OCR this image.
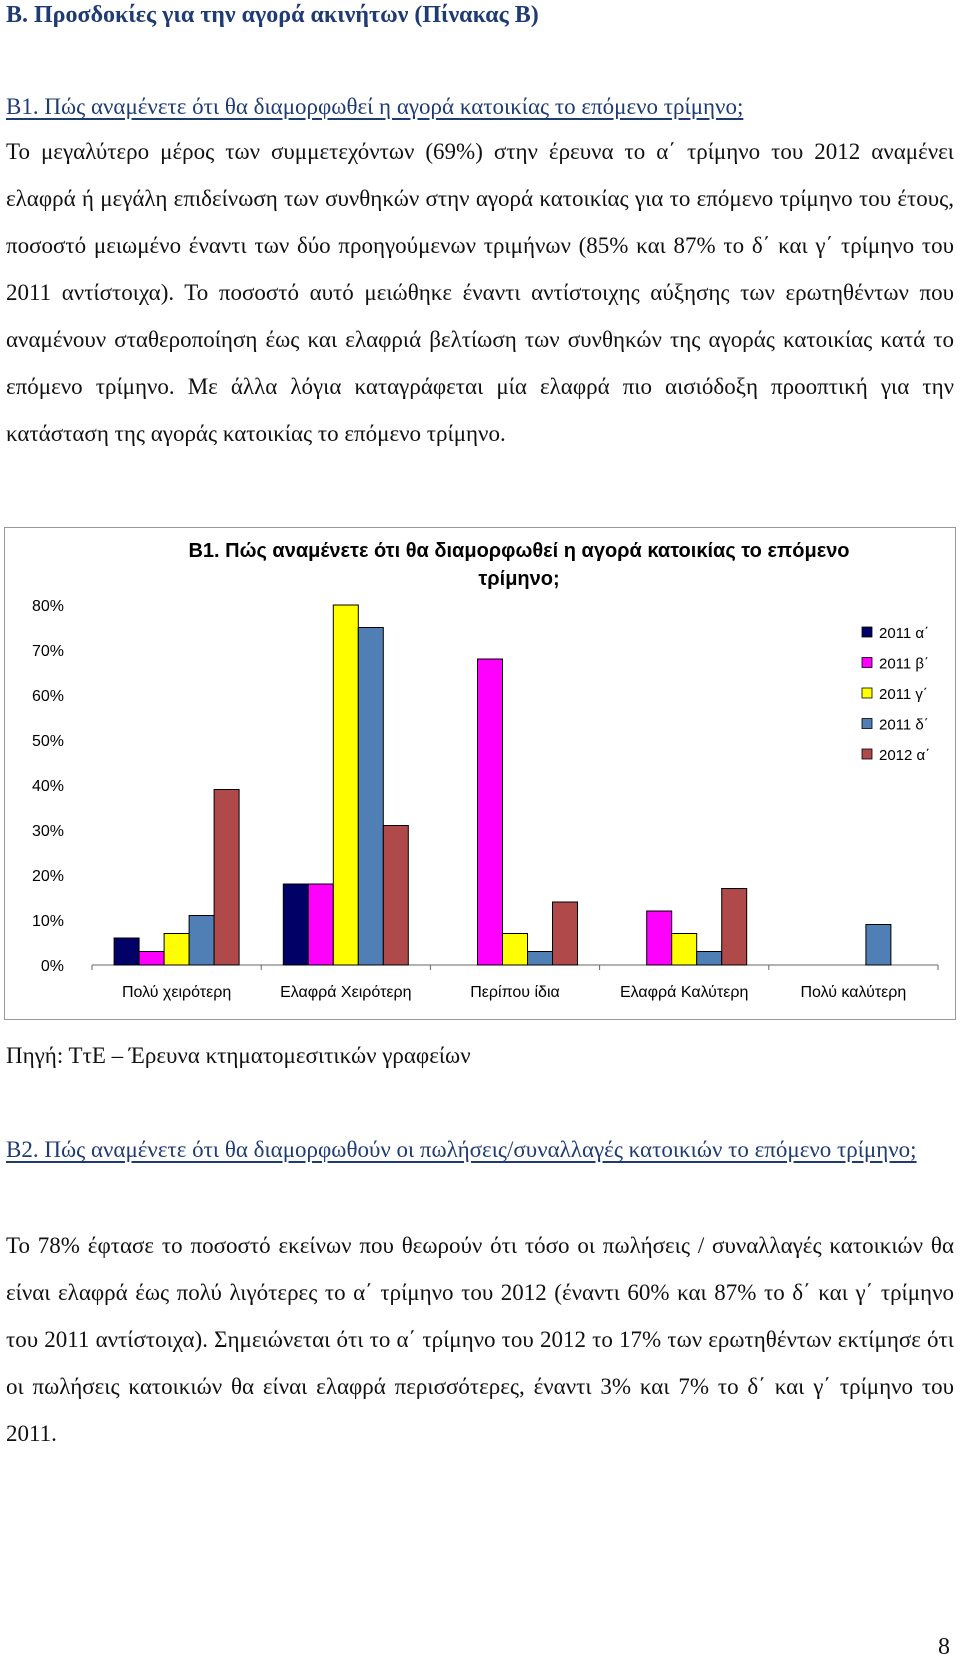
Β. Προσδοκίες για την αγορά ακινήτων (Πίνακας Β)

Β1. Πώς αναμένετε ότι θα διαμορφωθεί η αγορά κατοικίας το επόμενο τρίμηνο;

Το μεγαλύτερο μέρος των συμμετεχόντων (69%) στην έρευνα το α΄ τρίμηνο του 2012 αναμένει ελαφρά ή μεγάλη επιδείνωση των συνθηκών στην αγορά κατοικίας για το επόμενο τρίμηνο του έτους, ποσοστό μειωμένο έναντι των δύο προηγούμενων τριμήνων (85% και 87% το δ΄ και γ΄ τρίμηνο του 2011 αντίστοιχα). Το ποσοστό αυτό μειώθηκε έναντι αντίστοιχης αύξησης των ερωτηθέντων που αναμένουν σταθεροποίηση έως και ελαφριά βελτίωση των συνθηκών της αγοράς κατοικίας κατά το επόμενο τρίμηνο. Με άλλα λόγια καταγράφεται μία ελαφρά πιο αισιόδοξη προοπτική για την κατάσταση της αγοράς κατοικίας το επόμενο τρίμηνο.

Β1. Πώς αναμένετε ότι θα διαμορφωθεί η αγορά κατοικίας το επόμενο
τρίμηνο;
0%
10%
20%
30%
40%
50%
60%
70%
80%
Πολύ χειρότερη	Ελαφρά Χειρότερη	Περίπου ίδια	Ελαφρά Καλύτερη	Πολύ καλύτερη
2011 α΄
2011 β΄
2011 γ΄
2011 δ΄
2012 α΄

Πηγή: ΤτΕ – Έρευνα κτηματομεσιτικών γραφείων

Β2. Πώς αναμένετε ότι θα διαμορφωθούν οι πωλήσεις/συναλλαγές κατοικιών το επόμενο τρίμηνο;

Το 78% έφτασε το ποσοστό εκείνων που θεωρούν ότι τόσο οι πωλήσεις / συναλλαγές κατοικιών θα είναι ελαφρά έως πολύ λιγότερες το α΄ τρίμηνο του 2012 (έναντι 60% και 87% το δ΄ και γ΄ τρίμηνο του 2011 αντίστοιχα). Σημειώνεται ότι το α΄ τρίμηνο του 2012 το 17% των ερωτηθέντων εκτίμησε ότι οι πωλήσεις κατοικιών θα είναι ελαφρά περισσότερες, έναντι 3% και 7% το δ΄ και γ΄ τρίμηνο του 2011.

8
